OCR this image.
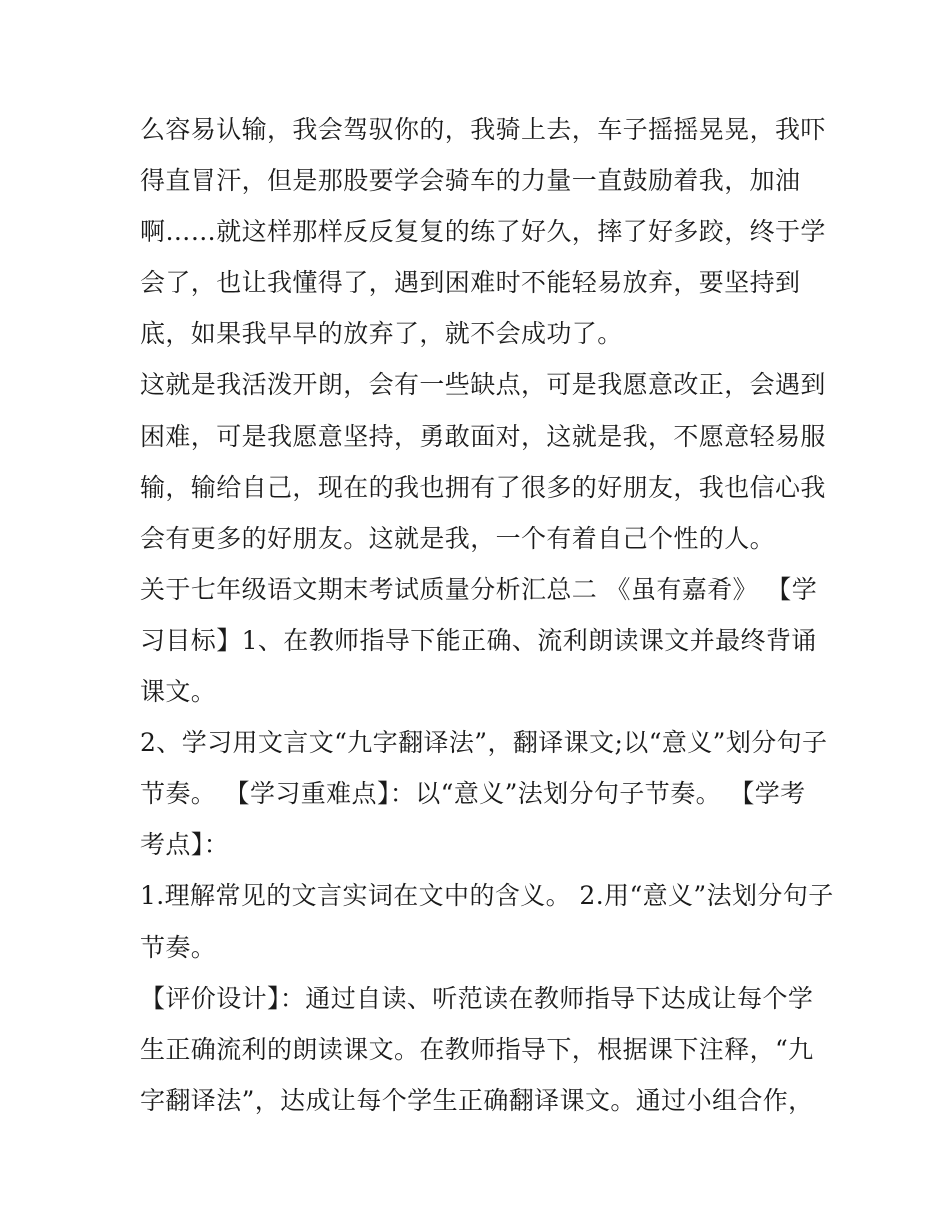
么容易认输，我会驾驭你的，我骑上去，车子摇摇晃晃，我吓
得直冒汗，但是那股要学会骑车的力量一直鼓励着我，加油
啊……就这样那样反反复复的练了好久，摔了好多跤，终于学
会了，也让我懂得了，遇到困难时不能轻易放弃，要坚持到
底，如果我早早的放弃了，就不会成功了。
这就是我活泼开朗，会有一些缺点，可是我愿意改正，会遇到
困难，可是我愿意坚持，勇敢面对，这就是我，不愿意轻易服
输，输给自己，现在的我也拥有了很多的好朋友，我也信心我
会有更多的好朋友。这就是我，一个有着自己个性的人。
关于七年级语文期末考试质量分析汇总二 《虽有嘉肴》 【学
习目标】1、在教师指导下能正确、流利朗读课文并最终背诵
课文。
2、学习用文言文“九字翻译法”，翻译课文;以“意义”划分句子
节奏。 【学习重难点】：以“意义”法划分句子节奏。 【学考
考点】：
1.理解常见的文言实词在文中的含义。 2.用“意义”法划分句子
节奏。
【评价设计】：通过自读、听范读在教师指导下达成让每个学
生正确流利的朗读课文。在教师指导下，根据课下注释，“九
字翻译法”，达成让每个学生正确翻译课文。通过小组合作，
